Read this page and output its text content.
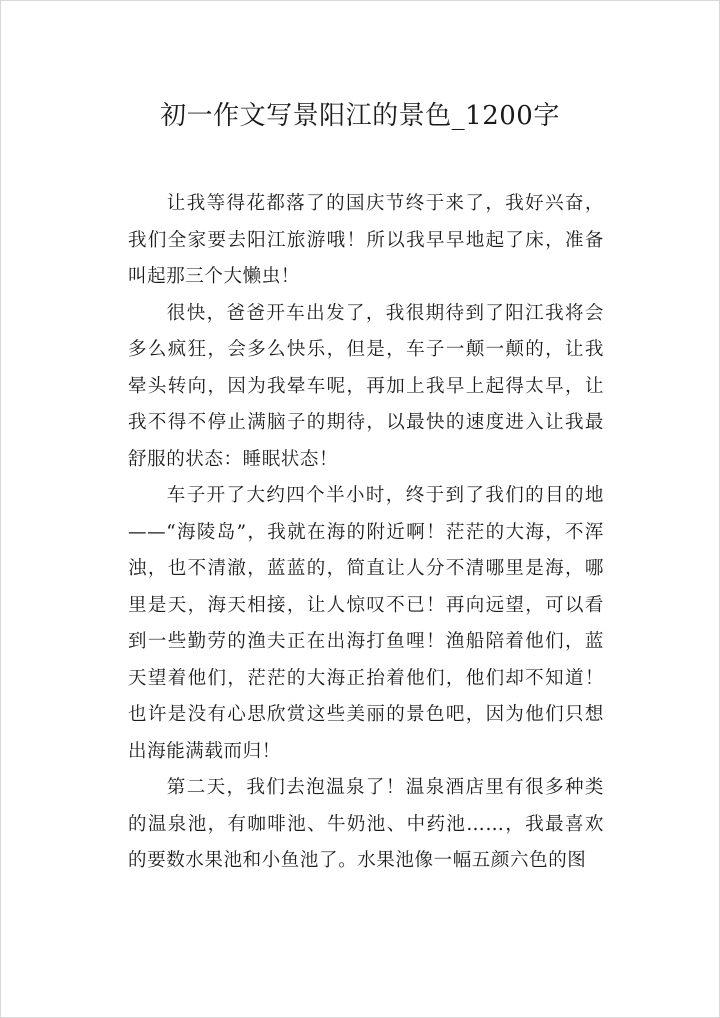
初一作文写景阳江的景色_1200字

让我等得花都落了的国庆节终于来了，我好兴奋，我们全家要去阳江旅游哦！所以我早早地起了床，准备叫起那三个大懒虫！

很快，爸爸开车出发了，我很期待到了阳江我将会多么疯狂，会多么快乐，但是，车子一颠一颠的，让我晕头转向，因为我晕车呢，再加上我早上起得太早，让我不得不停止满脑子的期待，以最快的速度进入让我最舒服的状态：睡眠状态！

车子开了大约四个半小时，终于到了我们的目的地——“海陵岛”，我就在海的附近啊！茫茫的大海，不浑浊，也不清澈，蓝蓝的，简直让人分不清哪里是海，哪里是天，海天相接，让人惊叹不已！再向远望，可以看到一些勤劳的渔夫正在出海打鱼哩！渔船陪着他们，蓝天望着他们，茫茫的大海正抬着他们，他们却不知道！也许是没有心思欣赏这些美丽的景色吧，因为他们只想出海能满载而归！

第二天，我们去泡温泉了！温泉酒店里有很多种类的温泉池，有咖啡池、牛奶池、中药池……，我最喜欢的要数水果池和小鱼池了。水果池像一幅五颜六色的图
